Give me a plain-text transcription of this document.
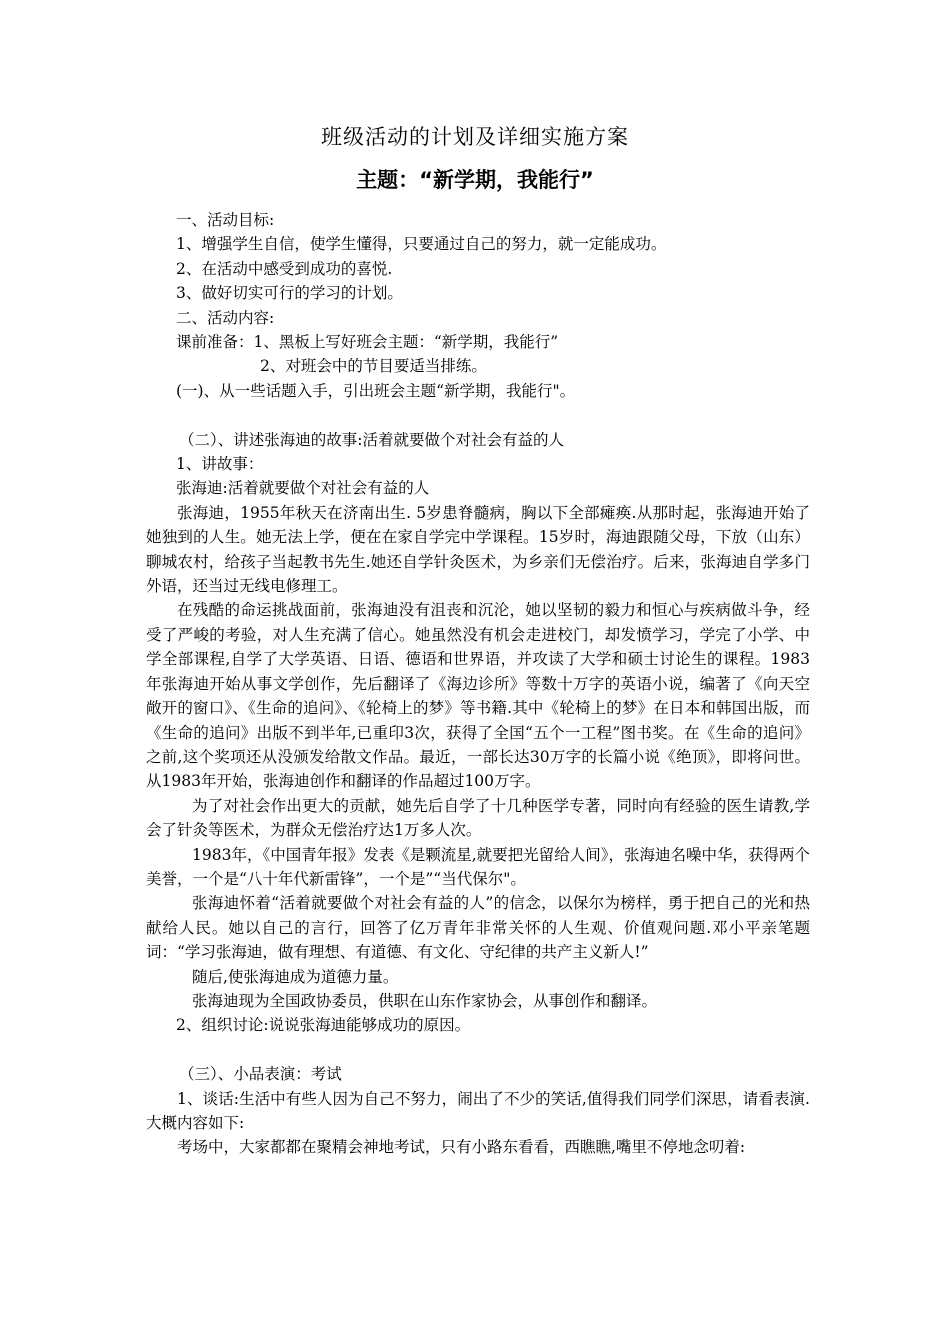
班级活动的计划及详细实施方案
主题：“新学期，我能行”

一、活动目标:

1、增强学生自信，使学生懂得，只要通过自己的努力，就一定能成功。

2、在活动中感受到成功的喜悦.

3、做好切实可行的学习的计划。

二、活动内容:

课前准备：1、黑板上写好班会主题：“新学期，我能行”

2、对班会中的节目要适当排练。

(一)、从一些话题入手，引出班会主题“新学期，我能行"。

（二）、讲述张海迪的故事:活着就要做个对社会有益的人

1、讲故事：

张海迪:活着就要做个对社会有益的人

张海迪，1955年秋天在济南出生. 5岁患脊髓病，胸以下全部瘫痪.从那时起，张海迪开始了她独到的人生。她无法上学，便在在家自学完中学课程。15岁时，海迪跟随父母，下放（山东）聊城农村，给孩子当起教书先生.她还自学针灸医术，为乡亲们无偿治疗。后来，张海迪自学多门外语，还当过无线电修理工。

在残酷的命运挑战面前，张海迪没有沮丧和沉沦，她以坚韧的毅力和恒心与疾病做斗争，经受了严峻的考验，对人生充满了信心。她虽然没有机会走进校门，却发愤学习，学完了小学、中学全部课程,自学了大学英语、日语、德语和世界语，并攻读了大学和硕士讨论生的课程。1983年张海迪开始从事文学创作，先后翻译了《海边诊所》等数十万字的英语小说，编著了《向天空敞开的窗口》、《生命的追问》、《轮椅上的梦》等书籍.其中《轮椅上的梦》在日本和韩国出版，而《生命的追问》出版不到半年,已重印3次，获得了全国“五个一工程”图书奖。在《生命的追问》之前,这个奖项还从没颁发给散文作品。最近，一部长达30万字的长篇小说《绝顶》，即将问世。从1983年开始，张海迪创作和翻译的作品超过100万字。

为了对社会作出更大的贡献，她先后自学了十几种医学专著，同时向有经验的医生请教,学会了针灸等医术，为群众无偿治疗达1万多人次。

1983年，《中国青年报》发表《是颗流星,就要把光留给人间》，张海迪名噪中华，获得两个美誉，一个是“八十年代新雷锋”，一个是”“当代保尔"。

张海迪怀着“活着就要做个对社会有益的人”的信念，以保尔为榜样，勇于把自己的光和热献给人民。她以自己的言行，回答了亿万青年非常关怀的人生观、价值观问题.邓小平亲笔题词：“学习张海迪，做有理想、有道德、有文化、守纪律的共产主义新人!”

随后,使张海迪成为道德力量。

张海迪现为全国政协委员，供职在山东作家协会，从事创作和翻译。

2、组织讨论:说说张海迪能够成功的原因。

（三）、小品表演：考试

1、谈话:生活中有些人因为自己不努力，闹出了不少的笑话,值得我们同学们深思，请看表演.大概内容如下:

考场中，大家都都在聚精会神地考试，只有小路东看看，西瞧瞧,嘴里不停地念叨着:
